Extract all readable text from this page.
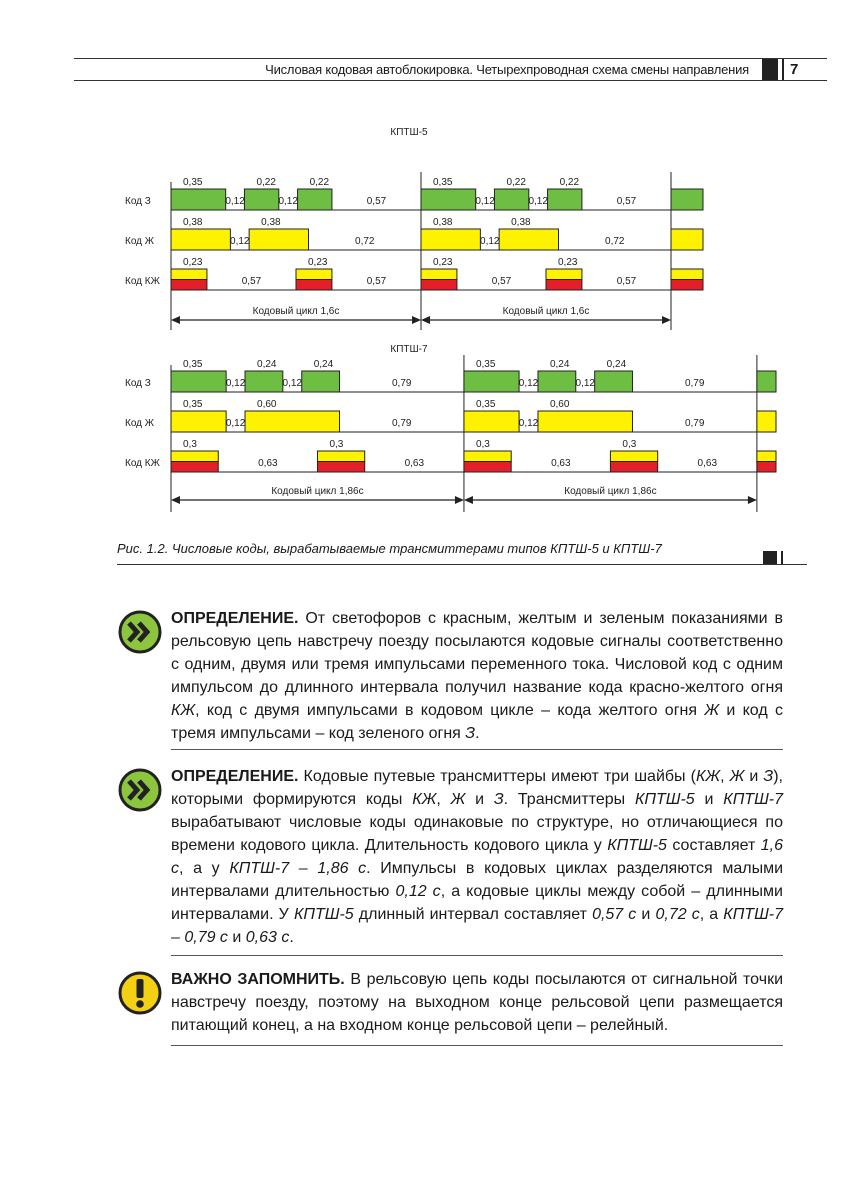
Числовая кодовая автоблокировка. Четырехпроводная схема смены направления	7
КПТШ-5
Код З
0,35
0,12
0,22
0,12
0,22
0,57
0,35
0,12
0,22
0,12
0,22
0,57
Код Ж
0,38
0,12
0,38
0,72
0,38
0,12
0,38
0,72
Код КЖ
0,23
0,57
0,23
0,57
0,23
0,57
0,23
0,57
Кодовый цикл 1,6с	Кодовый цикл 1,6с
КПТШ-7
Код З
0,35
0,12
0,24
0,12
0,24
0,79
0,35
0,12
0,24
0,12
0,24
0,79
Код Ж
0,35
0,12
0,60
0,79
0,35
0,12
0,60
0,79
Код КЖ
0,3
0,63
0,3
0,63
0,3
0,63
0,3
0,63
Кодовый цикл 1,86с	Кодовый цикл 1,86с
Рис. 1.2. Числовые коды, вырабатываемые трансмиттерами типов КПТШ-5 и КПТШ-7
ОПРЕДЕЛЕНИЕ. От светофоров с красным, желтым и зеленым показаниями в рельсовую цепь навстречу поезду посылаются кодовые сигналы соответственно с одним, двумя или тремя импульсами переменного тока. Числовой код с одним импульсом до длинного интервала получил название кода красно-желтого огня КЖ, код с двумя импульсами в кодовом цикле – кода желтого огня Ж и код с тремя импульсами – код зеленого огня З.
ОПРЕДЕЛЕНИЕ. Кодовые путевые трансмиттеры имеют три шайбы (КЖ, Ж и З), которыми формируются коды КЖ, Ж и З. Трансмиттеры КПТШ-5 и КПТШ-7 вырабатывают числовые коды одинаковые по структуре, но отличающиеся по времени кодового цикла. Длительность кодового цикла у КПТШ-5 составляет 1,6 с, а у КПТШ-7 – 1,86 с. Импульсы в кодовых циклах разделяются малыми интервалами длительностью 0,12 с, а кодовые циклы между собой – длинными интервалами. У КПТШ-5 длинный интервал составляет 0,57 с и 0,72 с, а КПТШ-7 – 0,79 с и 0,63 с.
ВАЖНО ЗАПОМНИТЬ. В рельсовую цепь коды посылаются от сигнальной точки навстречу поезду, поэтому на выходном конце рельсовой цепи размещается питающий конец, а на входном конце рельсовой цепи – релейный.
